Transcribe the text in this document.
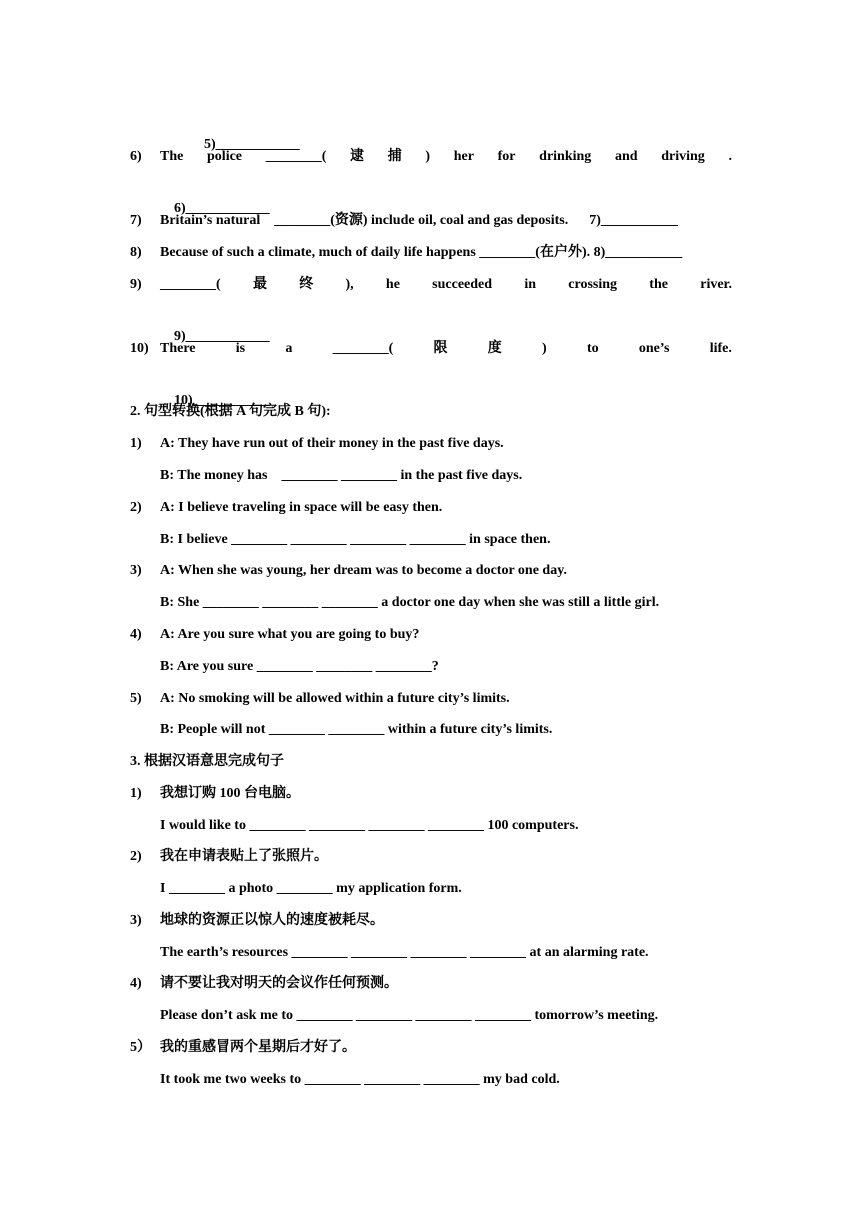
5)____________

6)

The police ________( 逮 捕 ) her for drinking and driving .

6)____________

7)

Britain’s natural    ________(资源) include oil, coal and gas deposits.      7)___________

8)

Because of such a climate, much of daily life happens ________(在户外). 8)___________

9)

________( 最 终 ), he succeeded in crossing the river.

9)____________

10)

There	is	a	________(	限	度	)	to	one’s	life.

10)___________

2. 句型转换(根据 A 句完成 B 句):

1)

A: They have run out of their money in the past five days.

B: The money has    ________ ________ in the past five days.

2)

A: I believe traveling in space will be easy then.

B: I believe ________ ________ ________ ________ in space then.

3)

A: When she was young, her dream was to become a doctor one day.

B: She ________ ________ ________ a doctor one day when she was still a little girl.

4)

A: Are you sure what you are going to buy?

B: Are you sure ________ ________ ________?

5)

A: No smoking will be allowed within a future city’s limits.

B: People will not ________ ________ within a future city’s limits.
3. 根据汉语意思完成句子

1)

我想订购 100 台电脑。

I would like to ________ ________ ________ ________ 100 computers.

2)

我在申请表贴上了张照片。

I ________ a photo ________ my application form.

3)

地球的资源正以惊人的速度被耗尽。

The earth’s resources ________ ________ ________ ________ at an alarming rate.

4)

请不要让我对明天的会议作任何预测。

Please don’t ask me to ________ ________ ________ ________ tomorrow’s meeting.

5）

我的重感冒两个星期后才好了。

It took me two weeks to ________ ________ ________ my bad cold.
